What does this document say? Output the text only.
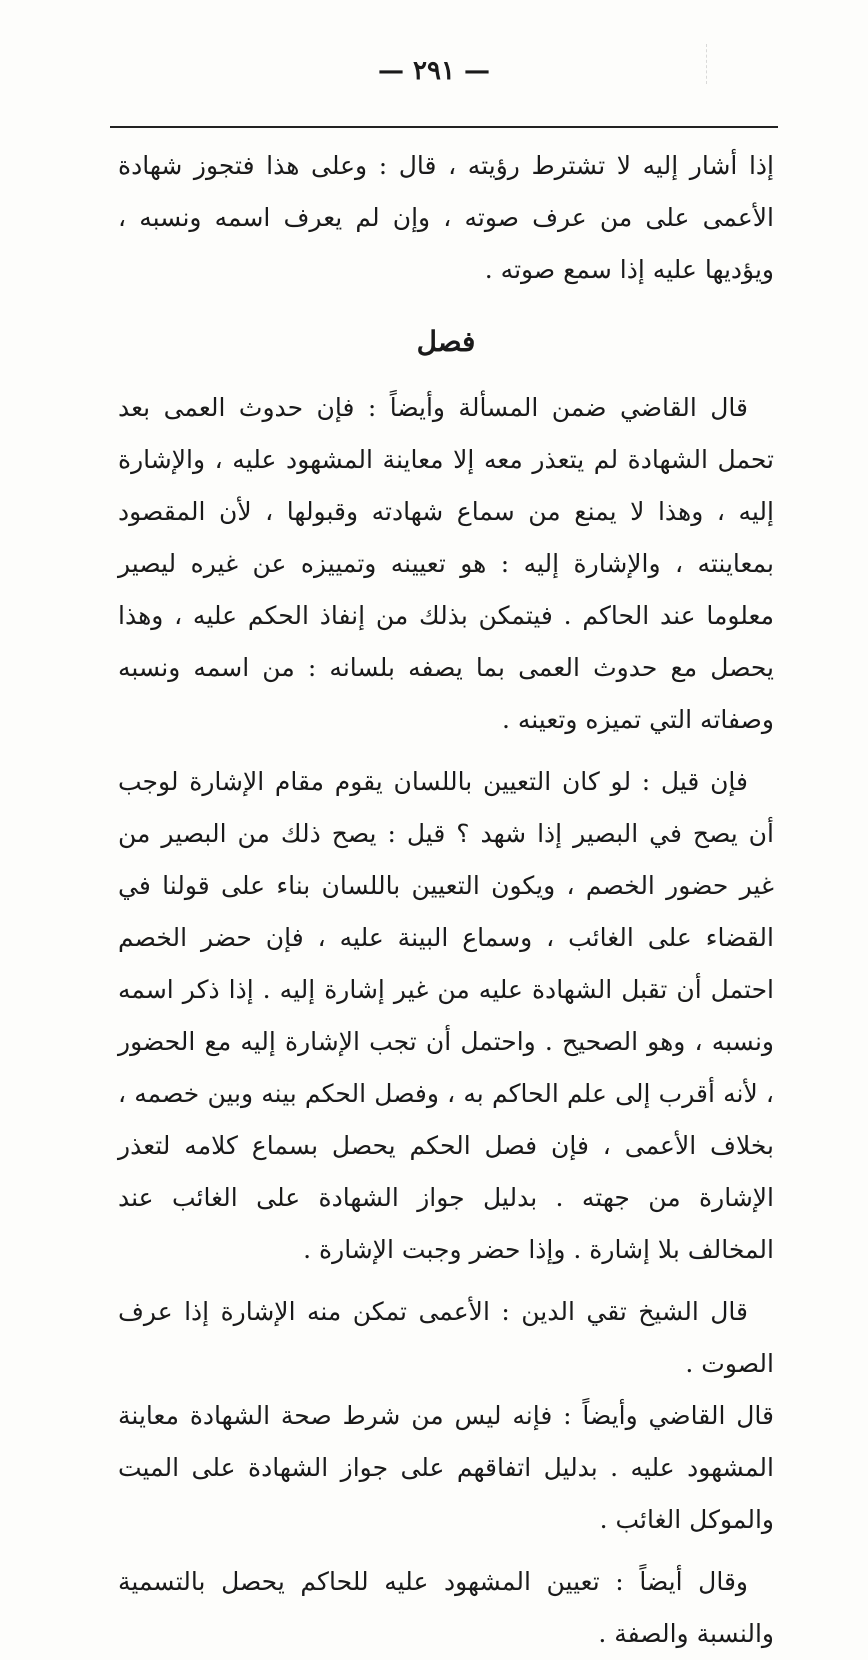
— ٢٩١ —

إذا أشار إليه لا تشترط رؤيته ، قال : وعلى هذا فتجوز شهادة الأعمى على من عرف صوته ، وإن لم يعرف اسمه ونسبه ، ويؤديها عليه إذا سمع صوته .

فصل

قال القاضي ضمن المسألة وأيضاً : فإن حدوث العمى بعد تحمل الشهادة لم يتعذر معه إلا معاينة المشهود عليه ، والإشارة إليه ، وهذا لا يمنع من سماع شهادته وقبولها ، لأن المقصود بمعاينته ، والإشارة إليه : هو تعيينه وتمييزه عن غيره ليصير معلوما عند الحاكم . فيتمكن بذلك من إنفاذ الحكم عليه ، وهذا يحصل مع حدوث العمى بما يصفه بلسانه : من اسمه ونسبه وصفاته التي تميزه وتعينه .

فإن قيل : لو كان التعيين باللسان يقوم مقام الإشارة لوجب أن يصح في البصير إذا شهد ؟ قيل : يصح ذلك من البصير من غير حضور الخصم ، ويكون التعيين باللسان بناء على قولنا في القضاء على الغائب ، وسماع البينة عليه ، فإن حضر الخصم احتمل أن تقبل الشهادة عليه من غير إشارة إليه . إذا ذكر اسمه ونسبه ، وهو الصحيح . واحتمل أن تجب الإشارة إليه مع الحضور ، لأنه أقرب إلى علم الحاكم به ، وفصل الحكم بينه وبين خصمه ، بخلاف الأعمى ، فإن فصل الحكم يحصل بسماع كلامه لتعذر الإشارة من جهته . بدليل جواز الشهادة على الغائب عند المخالف بلا إشارة . وإذا حضر وجبت الإشارة .

قال الشيخ تقي الدين : الأعمى تمكن منه الإشارة إذا عرف الصوت .

قال القاضي وأيضاً : فإنه ليس من شرط صحة الشهادة معاينة المشهود عليه . بدليل اتفاقهم على جواز الشهادة على الميت والموكل الغائب .

وقال أيضاً : تعيين المشهود عليه للحاكم يحصل بالتسمية والنسبة والصفة .
